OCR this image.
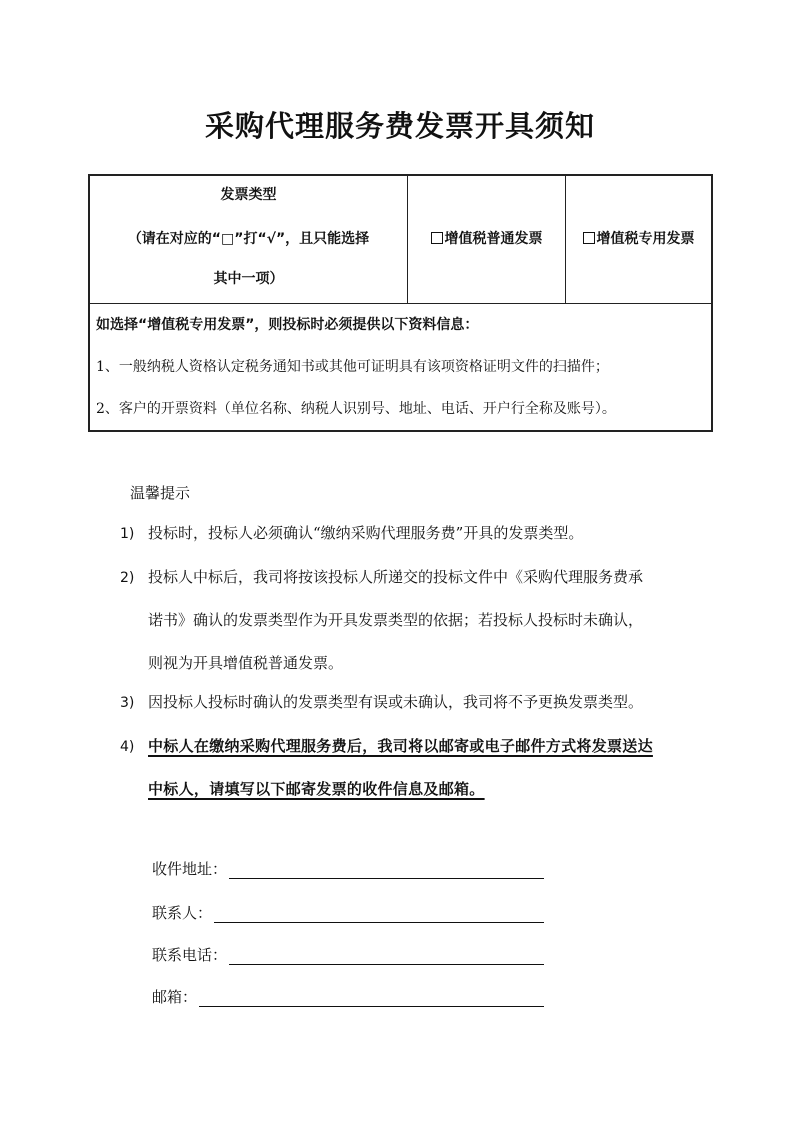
采购代理服务费发票开具须知
发票类型
（请在对应的“□”打“√”，且只能选择
其中一项）
增值税普通发票	增值税专用发票
如选择“增值税专用发票”，则投标时必须提供以下资料信息：
1、一般纳税人资格认定税务通知书或其他可证明具有该项资格证明文件的扫描件；
2、客户的开票资料（单位名称、纳税人识别号、地址、电话、开户行全称及账号）。
温馨提示
1) 投标时，投标人必须确认“缴纳采购代理服务费”开具的发票类型。
2) 投标人中标后，我司将按该投标人所递交的投标文件中《采购代理服务费承
诺书》确认的发票类型作为开具发票类型的依据；若投标人投标时未确认，
则视为开具增值税普通发票。
3) 因投标人投标时确认的发票类型有误或未确认，我司将不予更换发票类型。
4) 中标人在缴纳采购代理服务费后，我司将以邮寄或电子邮件方式将发票送达
中标人，请填写以下邮寄发票的收件信息及邮箱。
收件地址：
联系人：
联系电话：
邮箱：
